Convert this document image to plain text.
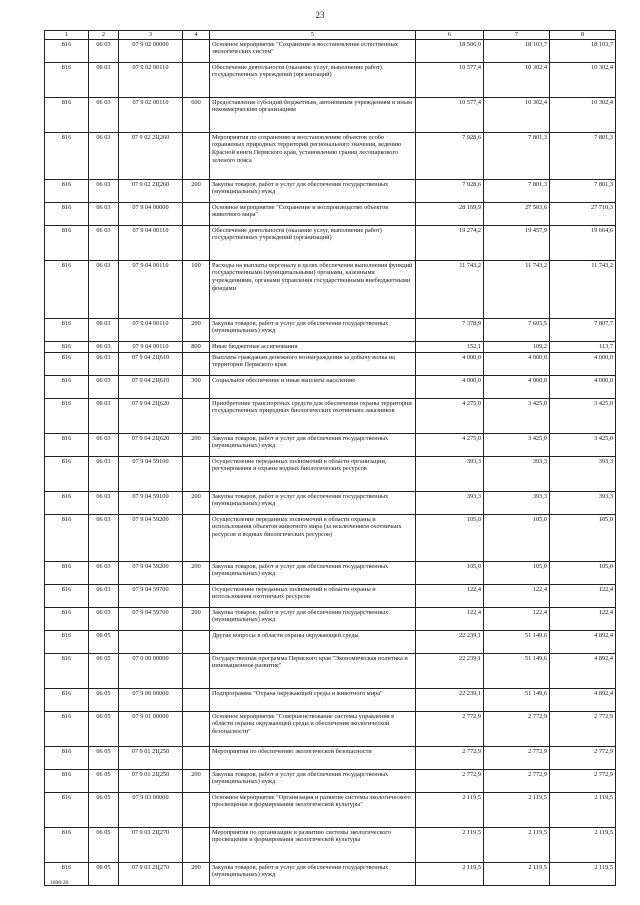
23
1	2	3	4	5	6	7	8
816	06 03	07 9 02 00000		Основное мероприятие "Сохранение и восстановление естественных экологических систем"	18 506,0	18 103,7	18 103,7
816	06 03	07 9 02 00110		Обеспечение деятельности (оказание услуг, выполнение работ) государственных учреждений (организаций)	10 577,4	10 302,4	10 302,4
816	06 03	07 9 02 00110	600	Предоставление субсидий бюджетным, автономным учреждениям и иным некоммерческим организациям	10 577,4	10 302,4	10 302,4
816	06 03	07 9 02 2Ц260		Мероприятия по сохранению и восстановлению объектов особо охраняемых природных территорий регионального значения, ведению Красной книги Пермского края, установлению границ лесопаркового зеленого пояса	7 928,6	7 801,3	7 801,3
816	06 03	07 9 02 2Ц260	200	Закупка товаров, работ и услуг для обеспечения государственных (муниципальных) нужд	7 928,6	7 801,3	7 801,3
816	06 03	07 9 04 00000		Основное мероприятие "Сохранение и воспроизводство объектов животного мира"	28 169,9	27 503,6	27 710,3
816	06 03	07 9 04 00110		Обеспечение деятельности (оказание услуг, выполнение работ) государственных учреждений (организаций)	19 274,2	19 457,9	19 664,6
816	06 03	07 9 04 00110	100	Расходы на выплаты персоналу в целях обеспечения выполнения функций государственными (муниципальными) органами, казенными учреждениями, органами управления государственными внебюджетными фондами	11 743,2	11 743,2	11 743,2
816	06 03	07 9 04 00110	200	Закупка товаров, работ и услуг для обеспечения государственных (муниципальных) нужд	7 378,9	7 605,5	7 807,7
816	06 03	07 9 04 00110	800	Иные бюджетные ассигнования	152,1	109,2	113,7
816	06 03	07 9 04 2Ц610		Выплаты гражданам денежного вознаграждения за добычу волка на территории Пермского края	4 000,0	4 000,0	4 000,0
816	06 03	07 9 04 2Ц610	300	Социальное обеспечение и иные выплаты населению	4 000,0	4 000,0	4 000,0
816	06 03	07 9 04 2Ц620		Приобретение транспортных средств для обеспечения охраны территории государственных природных биологических охотничьих заказников	4 275,0	3 425,0	3 425,0
816	06 03	07 9 04 2Ц620	200	Закупка товаров, работ и услуг для обеспечения государственных (муниципальных) нужд	4 275,0	3 425,0	3 425,0
816	06 03	07 9 04 59100		Осуществление переданных полномочий в области организации, регулирования и охраны водных биологических ресурсов	393,3	393,3	393,3
816	06 03	07 9 04 59100	200	Закупка товаров, работ и услуг для обеспечения государственных (муниципальных) нужд	393,3	393,3	393,3
816	06 03	07 9 04 59200		Осуществление переданных полномочий в области охраны и использования объектов животного мира (за исключением охотничьих ресурсов и водных биологических ресурсов)	105,0	105,0	105,0
816	06 03	07 9 04 59200	200	Закупка товаров, работ и услуг для обеспечения государственных (муниципальных) нужд	105,0	105,0	105,0
816	06 03	07 9 04 59700		Осуществление переданных полномочий в области охраны и использования охотничьих ресурсов	122,4	122,4	122,4
816	06 03	07 9 04 59700	200	Закупка товаров, работ и услуг для обеспечения государственных (муниципальных) нужд	122,4	122,4	122,4
816	06 05			Другие вопросы в области охраны окружающей среды	22 239,1	51 149,6	4 892,4
816	06 05	07 0 00 00000		Государственная программа Пермского края "Экономическая политика и инновационное развитие"	22 239,1	51 149,6	4 892,4
816	06 05	07 9 00 00000		Подпрограмма "Охрана окружающей среды и животного мира"	22 239,1	51 149,6	4 892,4
816	06 05	07 9 01 00000		Основное мероприятие "Совершенствование системы управления в области охраны окружающей среды и обеспечения экологической безопасности"	2 772,9	2 772,9	2 772,9
816	06 05	07 9 01 2Ц250		Мероприятия по обеспечению экологической безопасности	2 772,9	2 772,9	2 772,9
816	06 05	07 9 01 2Ц250	200	Закупка товаров, работ и услуг для обеспечения государственных (муниципальных) нужд	2 772,9	2 772,9	2 772,9
816	06 05	07 9 03 00000		Основное мероприятие "Организация и развитие системы экологического просвещения и формирования экологической культуры"	2 119,5	2 119,5	2 119,5
816	06 05	07 9 03 2Ц270		Мероприятия по организации и развитию системы экологического просвещения и формирования экологической культуры	2 119,5	2 119,5	2 119,5
816	06 05	07 9 03 2Ц270	200	Закупка товаров, работ и услуг для обеспечения государственных (муниципальных) нужд	2 119,5	2 119,5	2 119,5
1098-20
